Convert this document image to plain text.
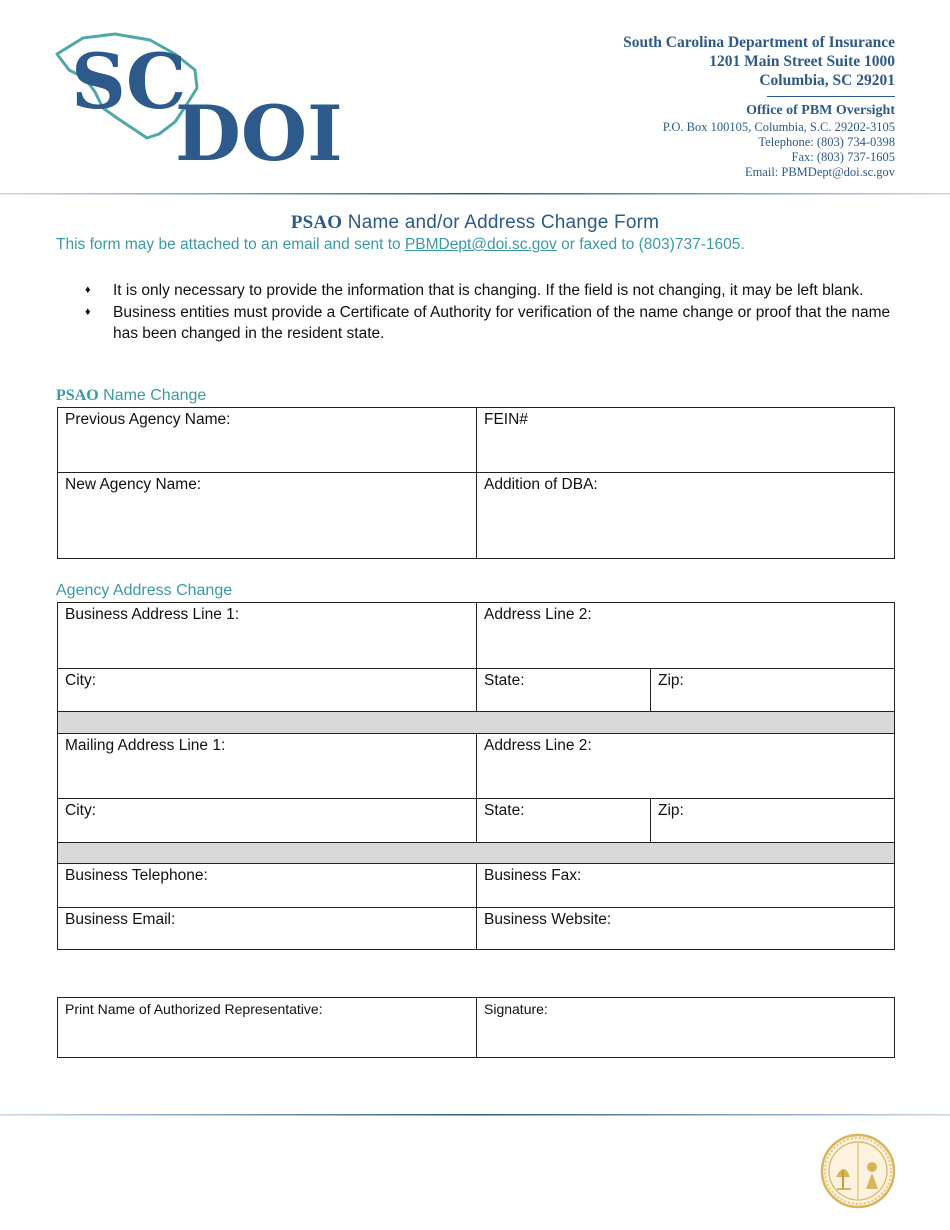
SC
DOI
South Carolina Department of Insurance
1201 Main Street Suite 1000
Columbia, SC 29201
Office of PBM Oversight
P.O. Box 100105, Columbia, S.C. 29202-3105
Telephone: (803) 734-0398
Fax: (803) 737-1605
Email: PBMDept@doi.sc.gov
PSAO Name and/or Address Change Form
This form may be attached to an email and sent to PBMDept@doi.sc.gov or faxed to (803)737-1605.
♦ It is only necessary to provide the information that is changing. If the field is not changing, it may be left blank.
♦ Business entities must provide a Certificate of Authority for verification of the name change or proof that the name has been changed in the resident state.
PSAO Name Change
Previous Agency Name:	FEIN#
New Agency Name:	Addition of DBA:
Agency Address Change
Business Address Line 1:	Address Line 2:	
City:	State:	Zip:

Mailing Address Line 1:	Address Line 2:	
City:	State:	Zip:

Business Telephone:	Business Fax:	
Business Email:	Business Website:	
Print Name of Authorized Representative:	Signature:
